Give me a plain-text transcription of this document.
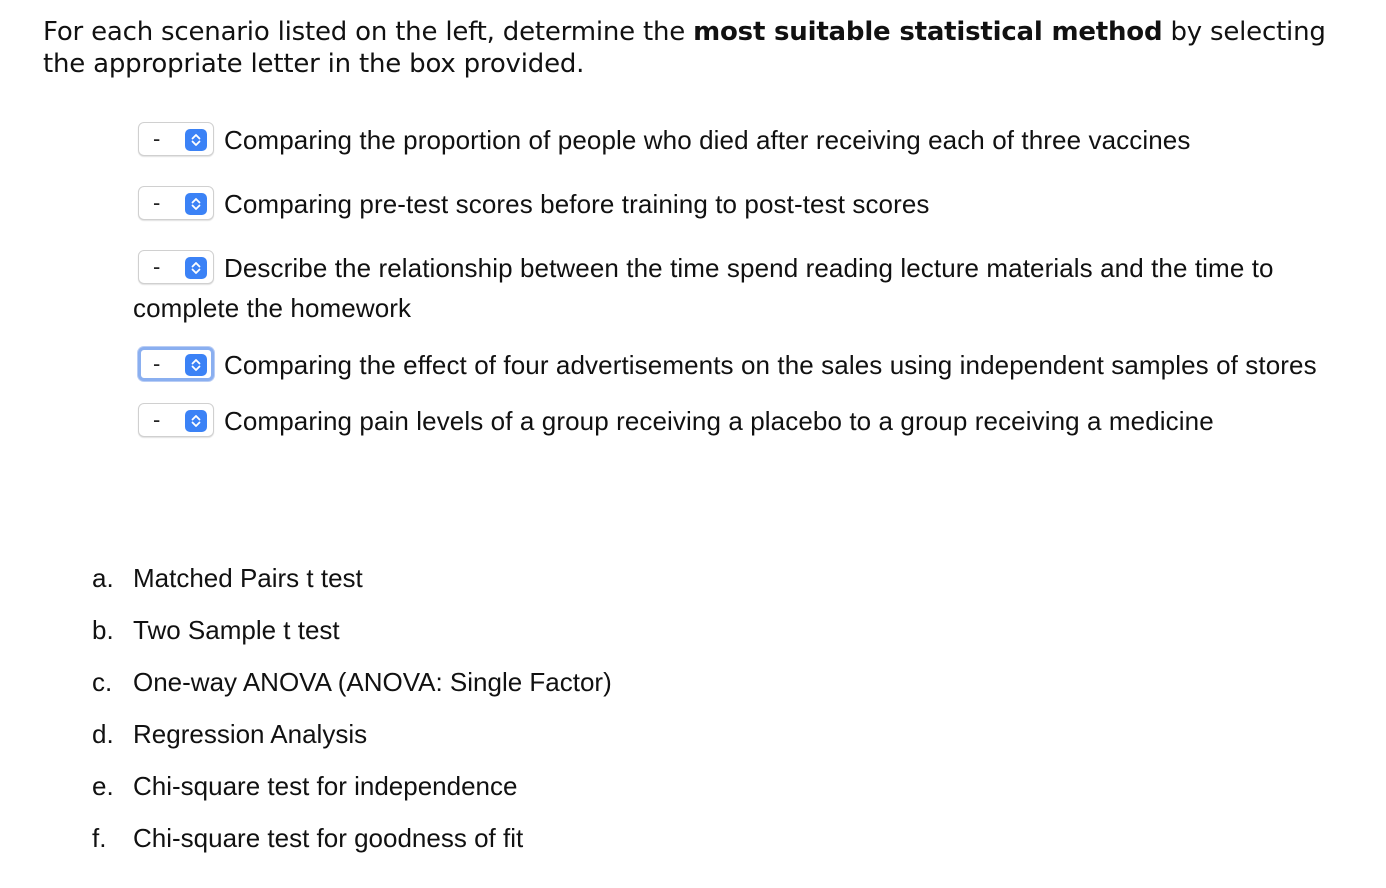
For each scenario listed on the left, determine the most suitable statistical method by selecting the appropriate letter in the box provided.
- Comparing the proportion of people who died after receiving each of three vaccines
- Comparing pre-test scores before training to post-test scores
- Describe the relationship between the time spend reading lecture materials and the time to complete the homework
- Comparing the effect of four advertisements on the sales using independent samples of stores
- Comparing pain levels of a group receiving a placebo to a group receiving a medicine
a. Matched Pairs t test
b. Two Sample t test
c. One-way ANOVA (ANOVA: Single Factor)
d. Regression Analysis
e. Chi-square test for independence
f. Chi-square test for goodness of fit
